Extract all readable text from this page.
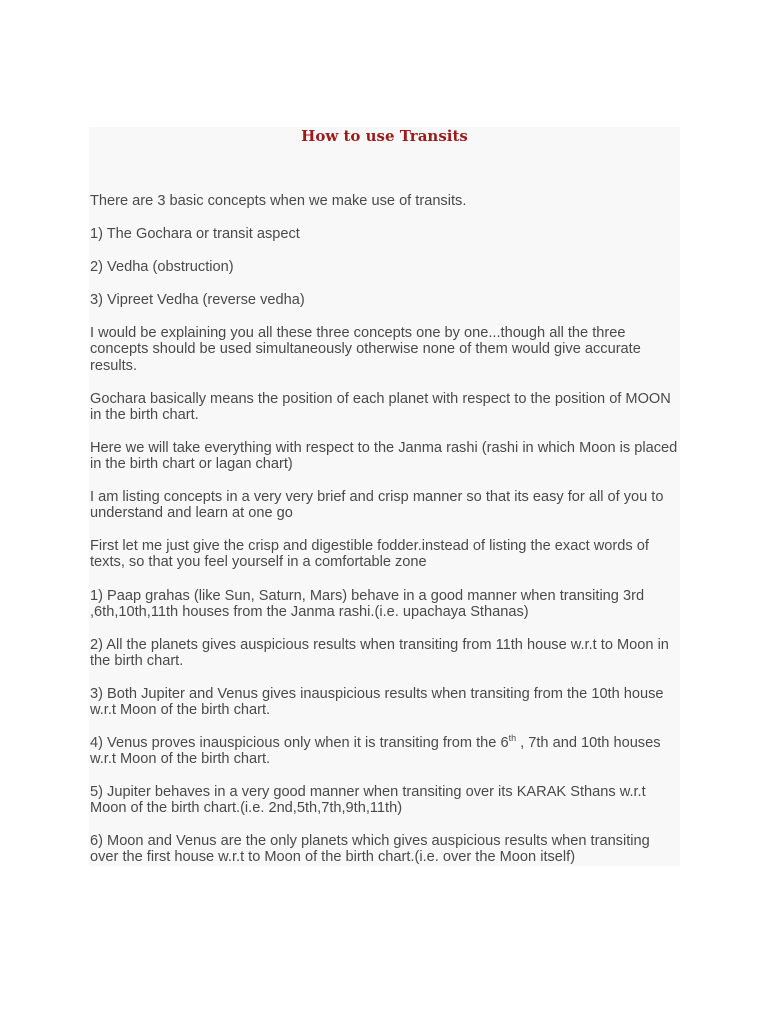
How to use Transits

There are 3 basic concepts when we make use of transits.

1) The Gochara or transit aspect

2) Vedha (obstruction)

3) Vipreet Vedha (reverse vedha)

I would be explaining you all these three concepts one by one...though all the three concepts should be used simultaneously otherwise none of them would give accurate results.

Gochara basically means the position of each planet with respect to the position of MOON in the birth chart.

Here we will take everything with respect to the Janma rashi (rashi in which Moon is placed in the birth chart or lagan chart)

I am listing concepts in a very very brief and crisp manner so that its easy for all of you to understand and learn at one go

First let me just give the crisp and digestible fodder.instead of listing the exact words of texts, so that you feel yourself in a comfortable zone

1) Paap grahas (like Sun, Saturn, Mars) behave in a good manner when transiting 3rd ,6th,10th,11th houses from the Janma rashi.(i.e. upachaya Sthanas)

2) All the planets gives auspicious results when transiting from 11th house w.r.t to Moon in the birth chart.

3) Both Jupiter and Venus gives inauspicious results when transiting from the 10th house w.r.t Moon of the birth chart.

4) Venus proves inauspicious only when it is transiting from the 6th , 7th and 10th houses w.r.t Moon of the birth chart.

5) Jupiter behaves in a very good manner when transiting over its KARAK Sthans w.r.t Moon of the birth chart.(i.e. 2nd,5th,7th,9th,11th)

6) Moon and Venus are the only planets which gives auspicious results when transiting over the first house w.r.t to Moon of the birth chart.(i.e. over the Moon itself)
